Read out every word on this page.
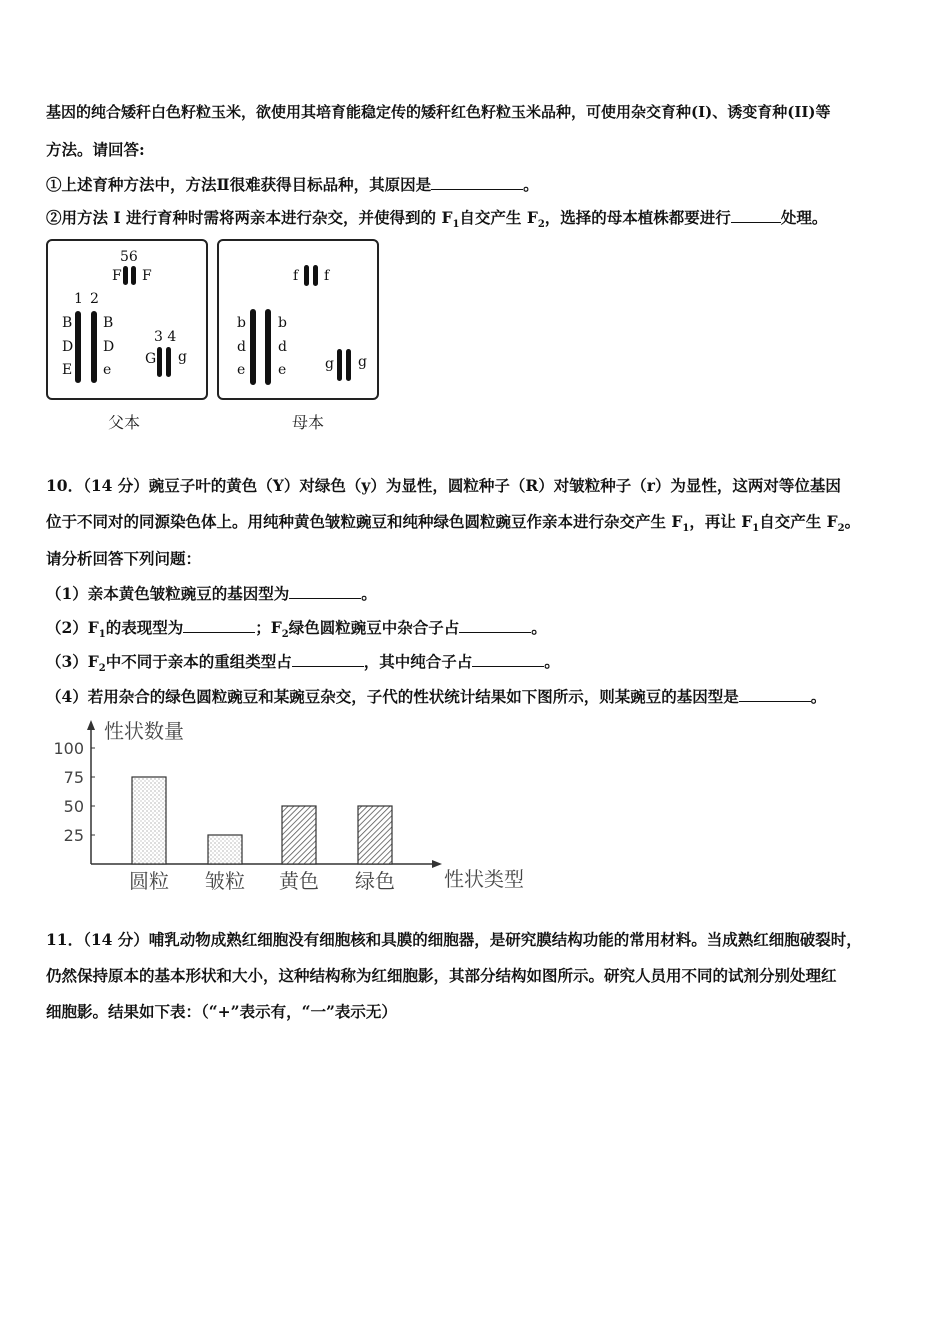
基因的纯合矮秆白色籽粒玉米，欲使用其培育能稳定传的矮秆红色籽粒玉米品种，可使用杂交育种(I)、诱变育种(II)等
方法。请回答:
①上述育种方法中，方法Ⅱ很难获得目标品种，其原因是	。
②用方法 I 进行育种时需将两亲本进行杂交，并使得到的 $F_1$自交产生 $F_2$，选择的母本植株都要进行	处理。
56
F F
1 2
B
D
E
B
D
e
3 4
G g
父本
f f
b
d
e
b
d
e	g g
母本
10．（14 分）豌豆子叶的黄色（Y）对绿色（y）为显性，圆粒种子（R）对皱粒种子（r）为显性，这两对等位基因
位于不同对的同源染色体上。用纯种黄色皱粒豌豆和纯种绿色圆粒豌豆作亲本进行杂交产生 $F_1$，再让 $F_1$自交产生 $F_2$。
请分析回答下列问题：
（1）亲本黄色皱粒豌豆的基因型为	。
$(2)F_1$的表现型为	；$F_2$绿色圆粒豌豆中杂合子占	。
$(3)F_2$中不同于亲本的重组类型占	，其中纯合子占	。
（4）若用杂合的绿色圆粒豌豆和某豌豆杂交，子代的性状统计结果如下图所示，则某豌豆的基因型是	。
性状数量
性状类型
25
50
75
100
圆粒 皱粒 黄色 绿色
11．（14 分）哺乳动物成熟红细胞没有细胞核和具膜的细胞器，是研究膜结构功能的常用材料。当成熟红细胞破裂时，
仍然保持原本的基本形状和大小，这种结构称为红细胞影，其部分结构如图所示。研究人员用不同的试剂分别处理红
细胞影。结果如下表：（“+”表示有，“一”表示无）
